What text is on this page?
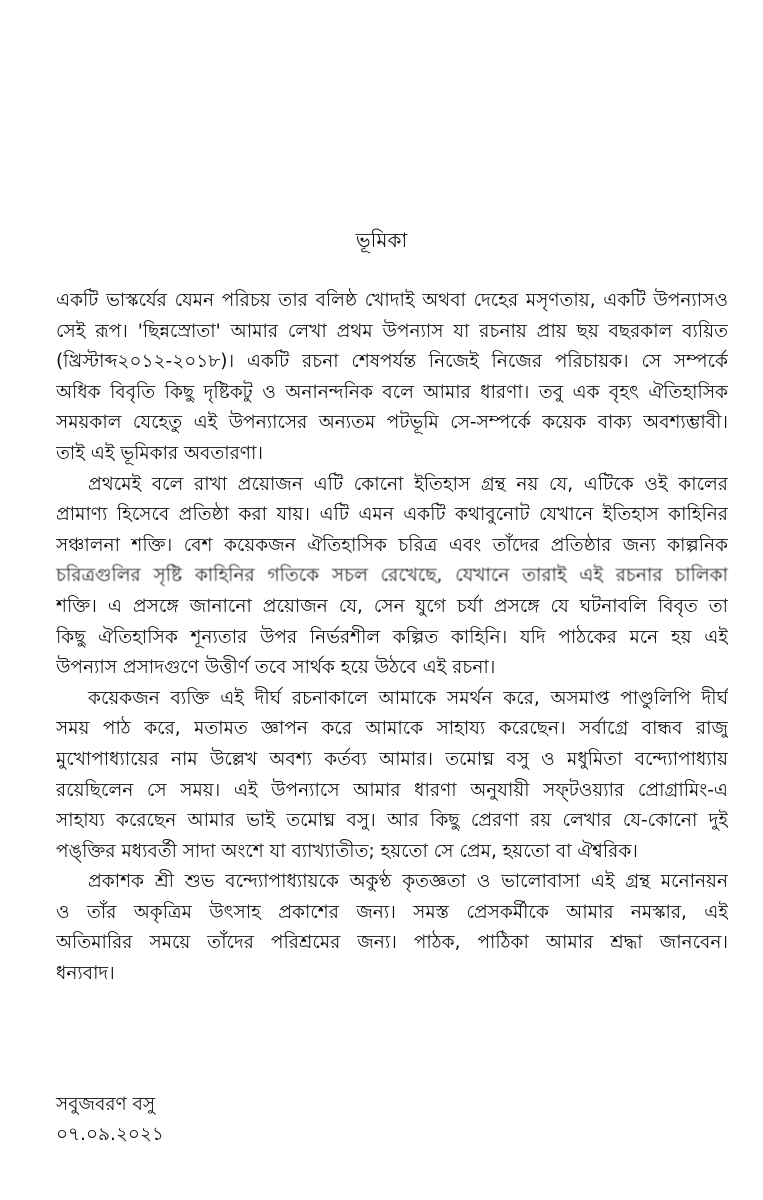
ভূমিকা
একটি ভাস্কর্যের যেমন পরিচয় তার বলিষ্ঠ খোদাই অথবা দেহের মসৃণতায়, একটি উপন্যাসও
সেই রূপ। 'ছিন্নস্রোতা' আমার লেখা প্রথম উপন্যাস যা রচনায় প্রায় ছয় বছরকাল ব্যয়িত
(খ্রিস্টাব্দ২০১২-২০১৮)। একটি রচনা শেষপর্যন্ত নিজেই নিজের পরিচায়ক। সে সম্পর্কে
অধিক বিবৃতি কিছু দৃষ্টিকটু ও অনানন্দনিক বলে আমার ধারণা। তবু এক বৃহৎ ঐতিহাসিক
সময়কাল যেহেতু এই উপন্যাসের অন্যতম পটভূমি সে-সম্পর্কে কয়েক বাক্য অবশ্যম্ভাবী।
তাই এই ভূমিকার অবতারণা।
প্রথমেই বলে রাখা প্রয়োজন এটি কোনো ইতিহাস গ্রন্থ নয় যে, এটিকে ওই কালের
প্রামাণ্য হিসেবে প্রতিষ্ঠা করা যায়। এটি এমন একটি কথাবুনোট যেখানে ইতিহাস কাহিনির
সঞ্চালনা শক্তি। বেশ কয়েকজন ঐতিহাসিক চরিত্র এবং তাঁদের প্রতিষ্ঠার জন্য কাল্পনিক
চরিত্রগুলির সৃষ্টি কাহিনির গতিকে সচল রেখেছে, যেখানে তারাই এই রচনার চালিকা
শক্তি। এ প্রসঙ্গে জানানো প্রয়োজন যে, সেন যুগে চর্যা প্রসঙ্গে যে ঘটনাবলি বিবৃত তা
কিছু ঐতিহাসিক শূন্যতার উপর নির্ভরশীল কল্পিত কাহিনি। যদি পাঠকের মনে হয় এই
উপন্যাস প্রসাদগুণে উত্তীর্ণ তবে সার্থক হয়ে উঠবে এই রচনা।
কয়েকজন ব্যক্তি এই দীর্ঘ রচনাকালে আমাকে সমর্থন করে, অসমাপ্ত পাণ্ডুলিপি দীর্ঘ
সময় পাঠ করে, মতামত জ্ঞাপন করে আমাকে সাহায্য করেছেন। সর্বাগ্রে বান্ধব রাজু
মুখোপাধ্যায়ের নাম উল্লেখ অবশ্য কর্তব্য আমার। তমোঘ্ন বসু ও মধুমিতা বন্দ্যোপাধ্যায়
রয়েছিলেন সে সময়। এই উপন্যাসে আমার ধারণা অনুযায়ী সফ্‌টওয়্যার প্রোগ্রামিং-এ
সাহায্য করেছেন আমার ভাই তমোঘ্ন বসু। আর কিছু প্রেরণা রয় লেখার যে-কোনো দুই
পঙ্‌ক্তির মধ্যবর্তী সাদা অংশে যা ব্যাখ্যাতীত; হয়তো সে প্রেম, হয়তো বা ঐশ্বরিক।
প্রকাশক শ্রী শুভ বন্দ্যোপাধ্যায়কে অকুণ্ঠ কৃতজ্ঞতা ও ভালোবাসা এই গ্রন্থ মনোনয়ন
ও তাঁর অকৃত্রিম উৎসাহ প্রকাশের জন্য। সমস্ত প্রেসকর্মীকে আমার নমস্কার, এই
অতিমারির সময়ে তাঁদের পরিশ্রমের জন্য। পাঠক, পাঠিকা আমার শ্রদ্ধা জানবেন।
ধন্যবাদ।
সবুজবরণ বসু
০৭.০৯.২০২১
